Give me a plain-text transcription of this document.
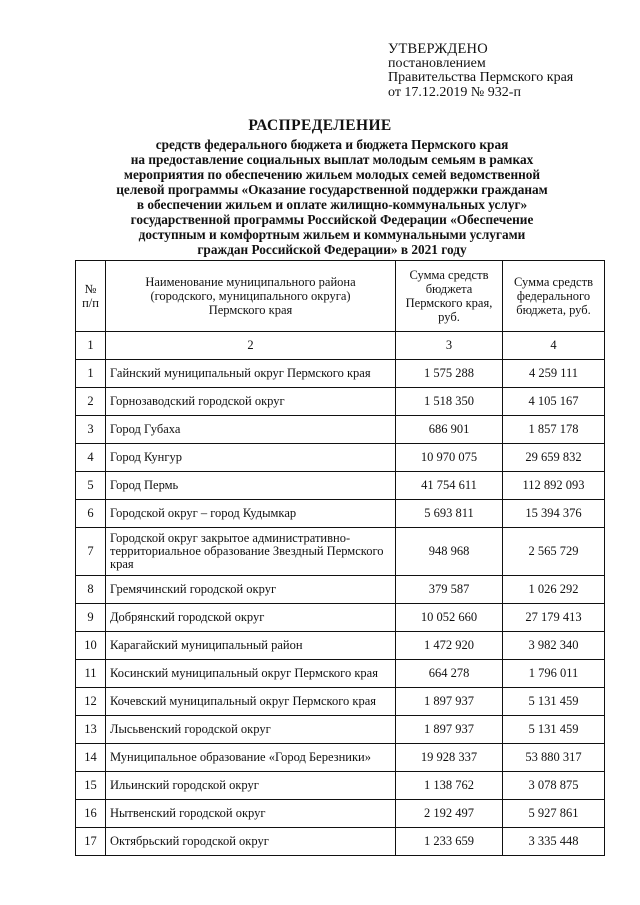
УТВЕРЖДЕНО
постановлением
Правительства Пермского края
от 17.12.2019 № 932-п
РАСПРЕДЕЛЕНИЕ
средств федерального бюджета и бюджета Пермского края
на предоставление социальных выплат молодым семьям в рамках
мероприятия по обеспечению жильем молодых семей ведомственной
целевой программы «Оказание государственной поддержки гражданам
в обеспечении жильем и оплате жилищно-коммунальных услуг»
государственной программы Российской Федерации «Обеспечение
доступным и комфортным жильем и коммунальными услугами
граждан Российской Федерации» в 2021 году
№ п/п	Наименование муниципального района (городского, муниципального округа) Пермского края	Сумма средств бюджета Пермского края, руб.	Сумма средств федерального бюджета, руб.
1	2	3	4
1	Гайнский муниципальный округ Пермского края	1 575 288	4 259 111
2	Горнозаводский городской округ	1 518 350	4 105 167
3	Город Губаха	686 901	1 857 178
4	Город Кунгур	10 970 075	29 659 832
5	Город Пермь	41 754 611	112 892 093
6	Городской округ – город Кудымкар	5 693 811	15 394 376
7	Городской округ закрытое административно-территориальное образование Звездный Пермского края	948 968	2 565 729
8	Гремячинский городской округ	379 587	1 026 292
9	Добрянский городской округ	10 052 660	27 179 413
10	Карагайский муниципальный район	1 472 920	3 982 340
11	Косинский муниципальный округ Пермского края	664 278	1 796 011
12	Кочевский муниципальный округ Пермского края	1 897 937	5 131 459
13	Лысьвенский городской округ	1 897 937	5 131 459
14	Муниципальное образование «Город Березники»	19 928 337	53 880 317
15	Ильинский городской округ	1 138 762	3 078 875
16	Нытвенский городской округ	2 192 497	5 927 861
17	Октябрьский городской округ	1 233 659	3 335 448
